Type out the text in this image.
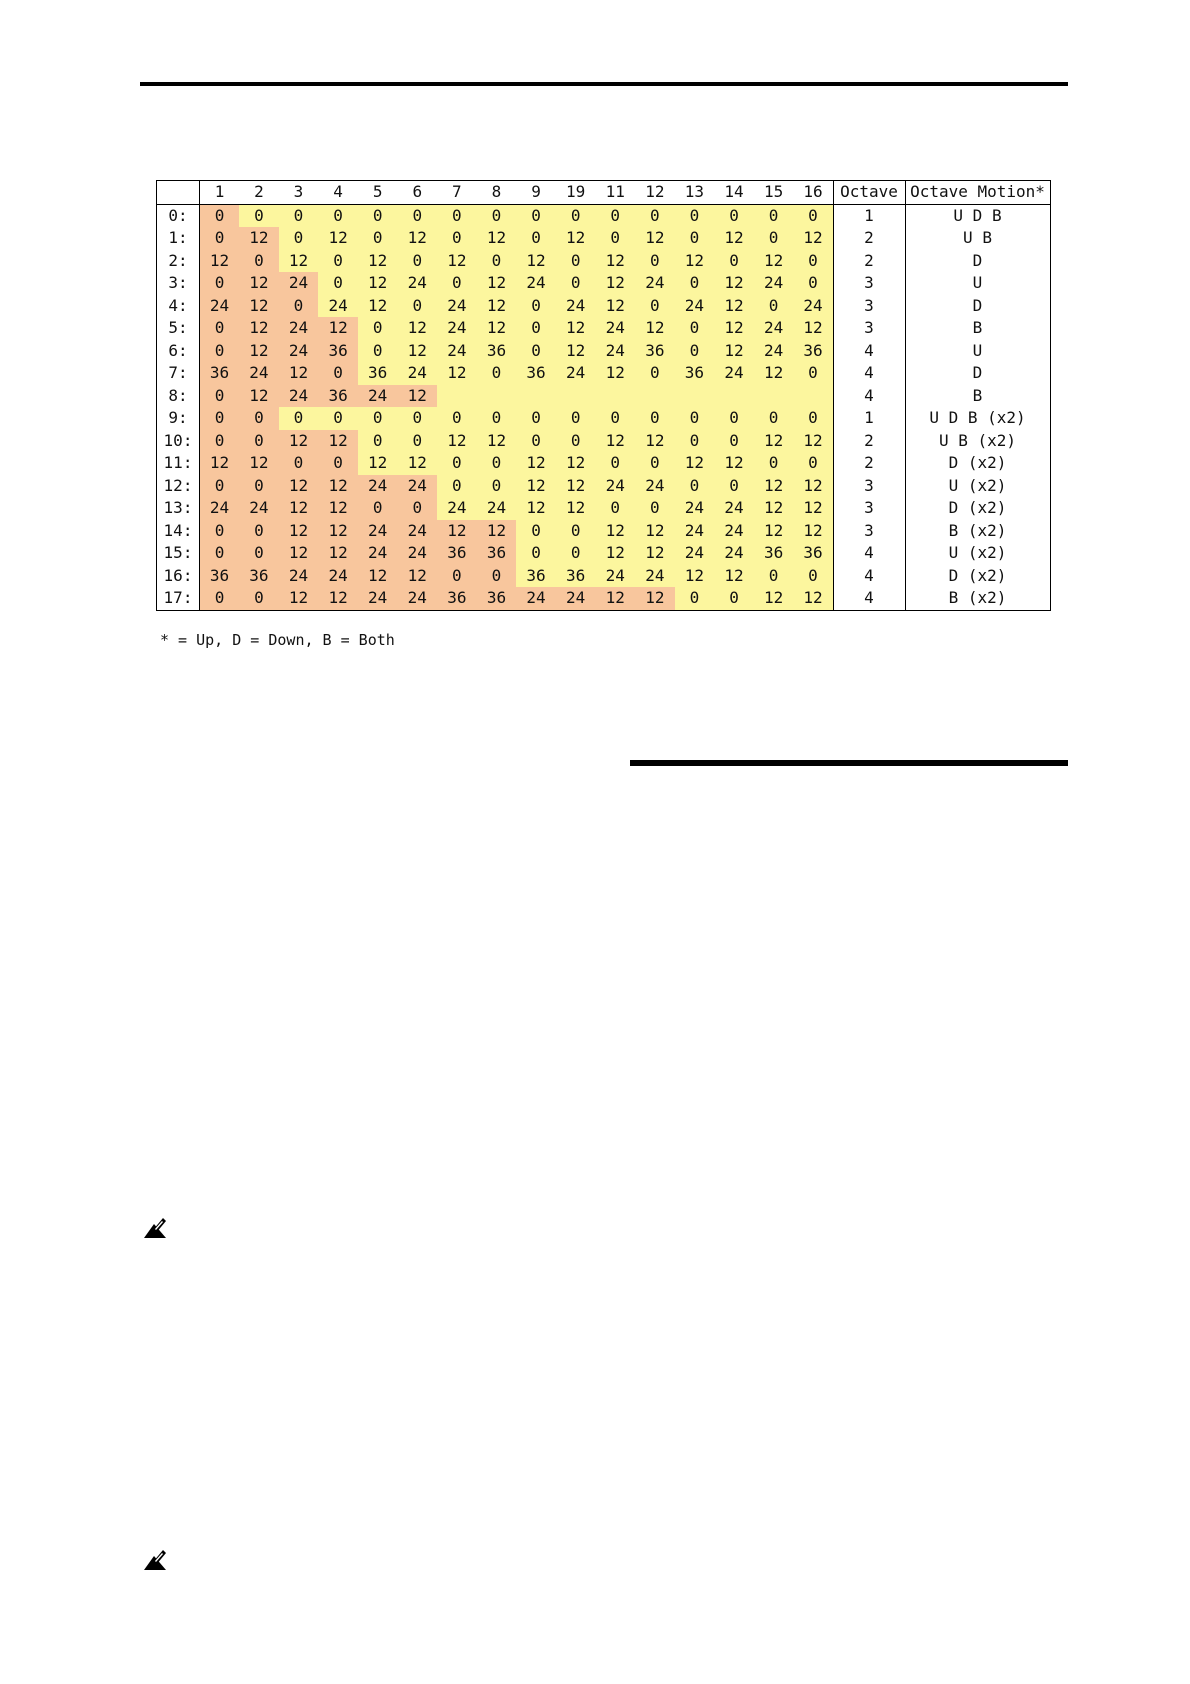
	1	2	3	4	5	6	7	8	9	19	11	12	13	14	15	16	Octave	Octave Motion*
0:	0	0	0	0	0	0	0	0	0	0	0	0	0	0	0	0	1	U D B
1:	0	12	0	12	0	12	0	12	0	12	0	12	0	12	0	12	2	U B
2:	12	0	12	0	12	0	12	0	12	0	12	0	12	0	12	0	2	D
3:	0	12	24	0	12	24	0	12	24	0	12	24	0	12	24	0	3	U
4:	24	12	0	24	12	0	24	12	0	24	12	0	24	12	0	24	3	D
5:	0	12	24	12	0	12	24	12	0	12	24	12	0	12	24	12	3	B
6:	0	12	24	36	0	12	24	36	0	12	24	36	0	12	24	36	4	U
7:	36	24	12	0	36	24	12	0	36	24	12	0	36	24	12	0	4	D
8:	0	12	24	36	24	12											4	B
9:	0	0	0	0	0	0	0	0	0	0	0	0	0	0	0	0	1	U D B (x2)
10:	0	0	12	12	0	0	12	12	0	0	12	12	0	0	12	12	2	U B (x2)
11:	12	12	0	0	12	12	0	0	12	12	0	0	12	12	0	0	2	D (x2)
12:	0	0	12	12	24	24	0	0	12	12	24	24	0	0	12	12	3	U (x2)
13:	24	24	12	12	0	0	24	24	12	12	0	0	24	24	12	12	3	D (x2)
14:	0	0	12	12	24	24	12	12	0	0	12	12	24	24	12	12	3	B (x2)
15:	0	0	12	12	24	24	36	36	0	0	12	12	24	24	36	36	4	U (x2)
16:	36	36	24	24	12	12	0	0	36	36	24	24	12	12	0	0	4	D (x2)
17:	0	0	12	12	24	24	36	36	24	24	12	12	0	0	12	12	4	B (x2)
* = Up, D = Down, B = Both
